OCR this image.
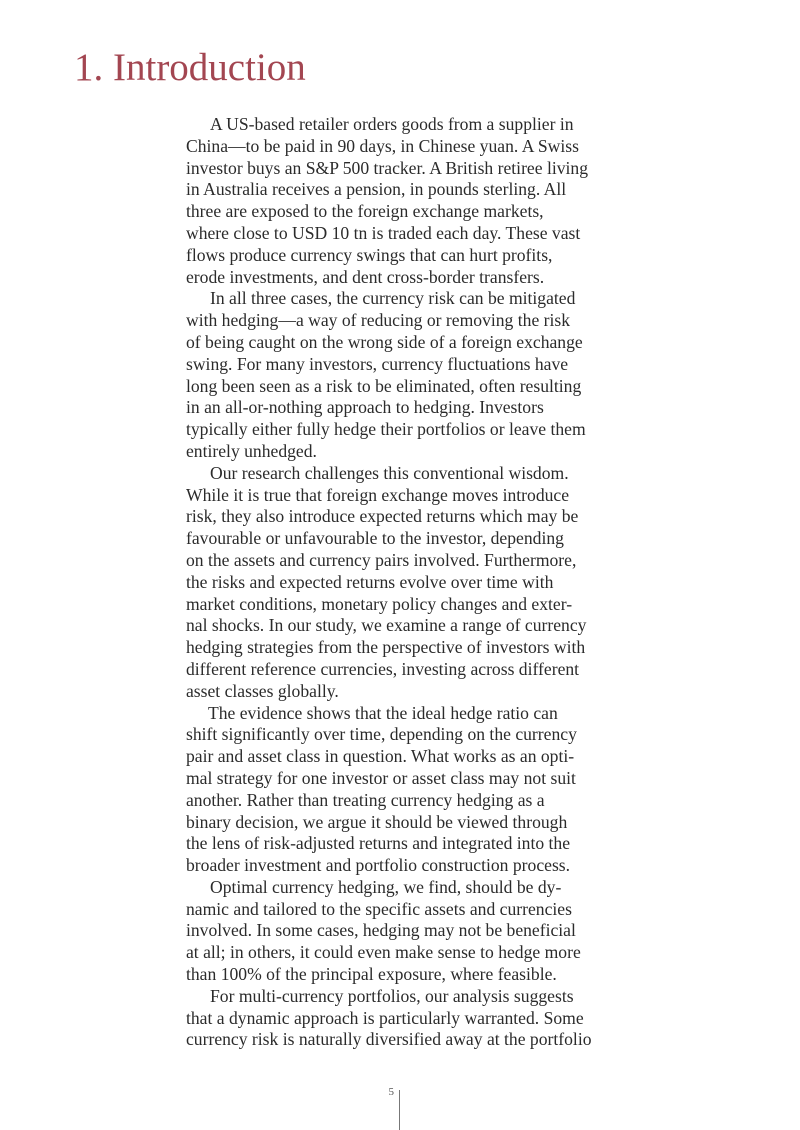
1. Introduction

A US-based retailer orders goods from a supplier in
China—to be paid in 90 days, in Chinese yuan. A Swiss
investor buys an S&P 500 tracker. A British retiree living
in Australia receives a pension, in pounds sterling. All
three are exposed to the foreign exchange markets,
where close to USD 10 tn is traded each day. These vast
flows produce currency swings that can hurt profits,
erode investments, and dent cross-border transfers.

In all three cases, the currency risk can be mitigated
with hedging—a way of reducing or removing the risk
of being caught on the wrong side of a foreign exchange
swing. For many investors, currency fluctuations have
long been seen as a risk to be eliminated, often resulting
in an all-or-nothing approach to hedging. Investors
typically either fully hedge their portfolios or leave them
entirely unhedged.

Our research challenges this conventional wisdom.
While it is true that foreign exchange moves introduce
risk, they also introduce expected returns which may be
favourable or unfavourable to the investor, depending
on the assets and currency pairs involved. Furthermore,
the risks and expected returns evolve over time with
market conditions, monetary policy changes and exter-
nal shocks. In our study, we examine a range of currency
hedging strategies from the perspective of investors with
different reference currencies, investing across different
asset classes globally.

The evidence shows that the ideal hedge ratio can
shift significantly over time, depending on the currency
pair and asset class in question. What works as an opti-
mal strategy for one investor or asset class may not suit
another. Rather than treating currency hedging as a
binary decision, we argue it should be viewed through
the lens of risk-adjusted returns and integrated into the
broader investment and portfolio construction process.

Optimal currency hedging, we find, should be dy-
namic and tailored to the specific assets and currencies
involved. In some cases, hedging may not be beneficial
at all; in others, it could even make sense to hedge more
than 100% of the principal exposure, where feasible.

For multi-currency portfolios, our analysis suggests
that a dynamic approach is particularly warranted. Some
currency risk is naturally diversified away at the portfolio

5
